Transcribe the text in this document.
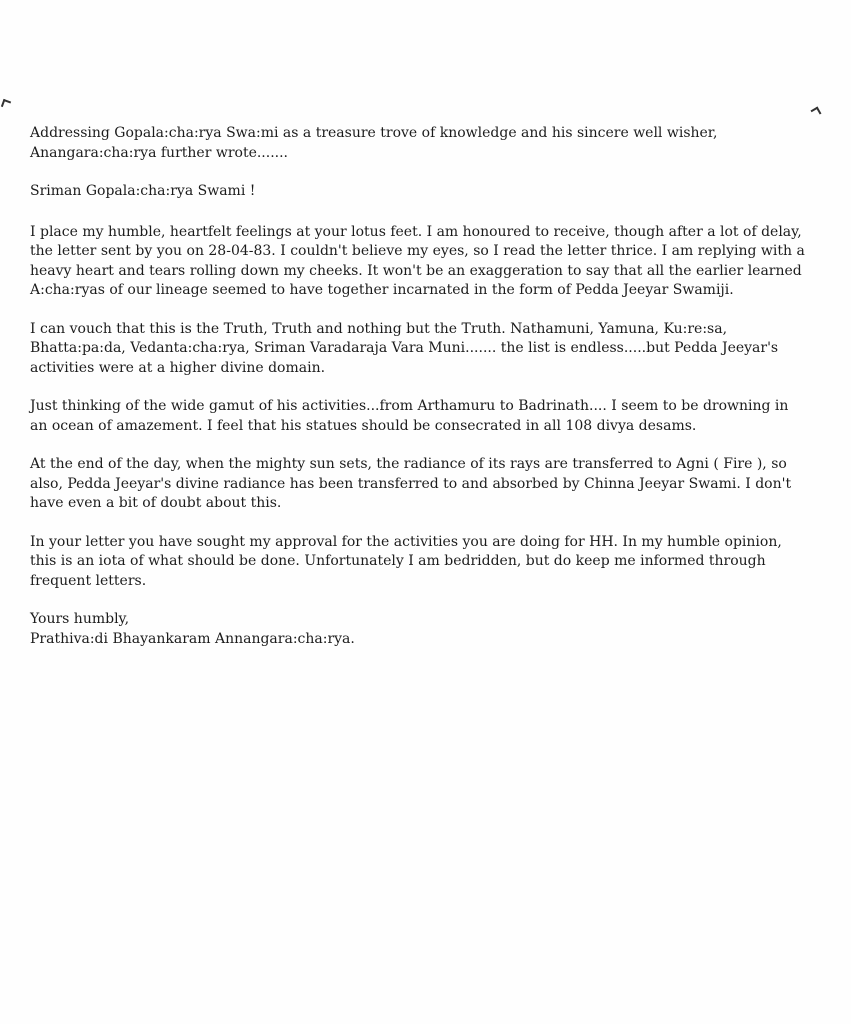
Addressing Gopala:cha:rya Swa:mi as a treasure trove of knowledge and his sincere well wisher,
Anangara:cha:rya further wrote.......

Sriman Gopala:cha:rya Swami !

I place my humble, heartfelt feelings at your lotus feet. I am honoured to receive, though after a lot of delay,
the letter sent by you on 28-04-83. I couldn't believe my eyes, so I read the letter thrice. I am replying with a
heavy heart and tears rolling down my cheeks. It won't be an exaggeration to say that all the earlier learned
A:cha:ryas of our lineage seemed to have together incarnated in the form of Pedda Jeeyar Swamiji.

I can vouch that this is the Truth, Truth and nothing but the Truth. Nathamuni, Yamuna, Ku:re:sa,
Bhatta:pa:da, Vedanta:cha:rya, Sriman Varadaraja Vara Muni....... the list is endless.....but Pedda Jeeyar's
activities were at a higher divine domain.

Just thinking of the wide gamut of his activities...from Arthamuru to Badrinath.... I seem to be drowning in
an ocean of amazement. I feel that his statues should be consecrated in all 108 divya desams.

At the end of the day, when the mighty sun sets, the radiance of its rays are transferred to Agni ( Fire ), so
also, Pedda Jeeyar's divine radiance has been transferred to and absorbed by Chinna Jeeyar Swami. I don't
have even a bit of doubt about this.

In your letter you have sought my approval for the activities you are doing for HH. In my humble opinion,
this is an iota of what should be done. Unfortunately I am bedridden, but do keep me informed through
frequent letters.

Yours humbly,
Prathiva:di Bhayankaram Annangara:cha:rya.
